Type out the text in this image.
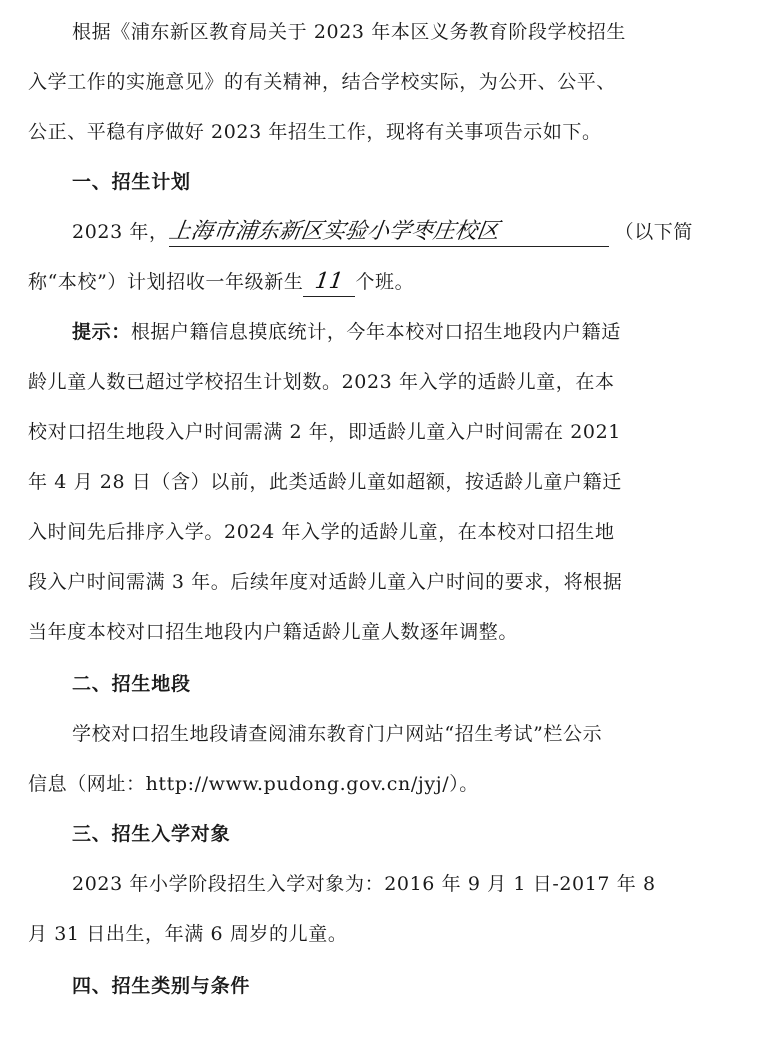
根据《浦东新区教育局关于 2023 年本区义务教育阶段学校招生
入学工作的实施意见》的有关精神，结合学校实际，为公开、公平、
公正、平稳有序做好 2023 年招生工作，现将有关事项告示如下。
一、招生计划
2023 年，上海市浦东新区实验小学枣庄校区	（以下简
称“本校”）计划招收一年级新生 11 个班。
提示：根据户籍信息摸底统计，今年本校对口招生地段内户籍适
龄儿童人数已超过学校招生计划数。2023 年入学的适龄儿童，在本
校对口招生地段入户时间需满 2 年，即适龄儿童入户时间需在 2021
年 4 月 28 日（含）以前，此类适龄儿童如超额，按适龄儿童户籍迁
入时间先后排序入学。2024 年入学的适龄儿童，在本校对口招生地
段入户时间需满 3 年。后续年度对适龄儿童入户时间的要求，将根据
当年度本校对口招生地段内户籍适龄儿童人数逐年调整。
二、招生地段
学校对口招生地段请查阅浦东教育门户网站“招生考试”栏公示
信息（网址：http://www.pudong.gov.cn/jyj/）。
三、招生入学对象
2023 年小学阶段招生入学对象为：2016 年 9 月 1 日-2017 年 8
月 31 日出生，年满 6 周岁的儿童。
四、招生类别与条件
